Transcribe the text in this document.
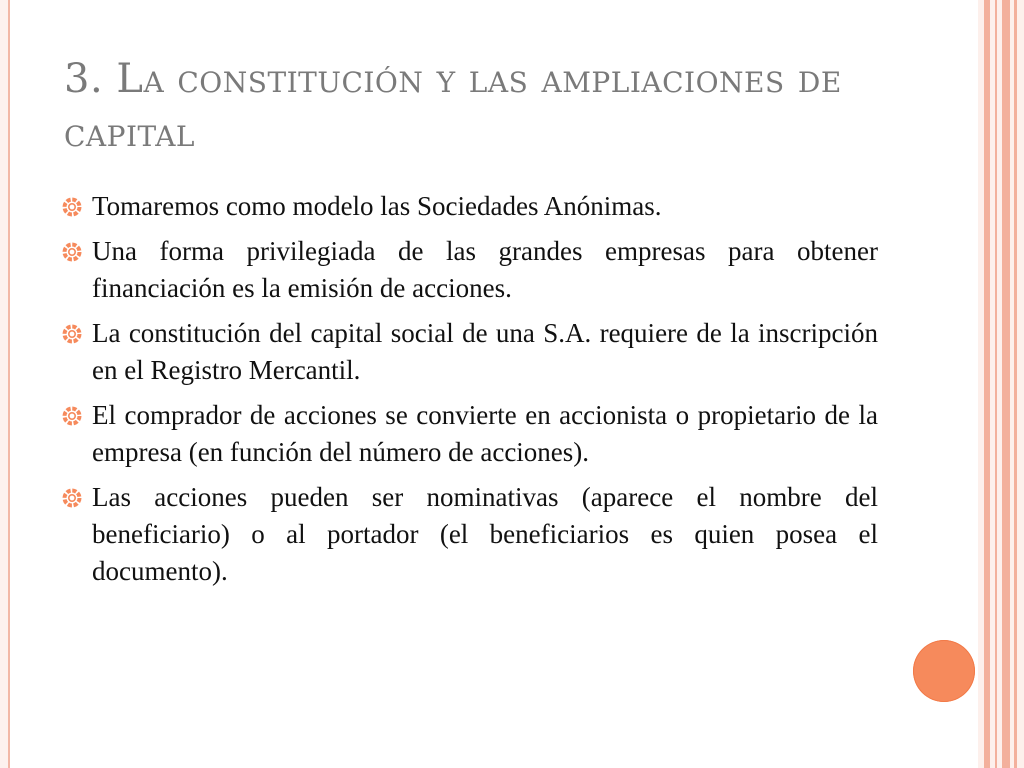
3. La constitución y las ampliaciones de capital
Tomaremos como modelo las Sociedades Anónimas.
Una forma privilegiada de las grandes empresas para obtener financiación es la emisión de acciones.
La constitución del capital social de una S.A. requiere de la inscripción en el Registro Mercantil.
El comprador de acciones se convierte en accionista o propietario de la empresa (en función del número de acciones).
Las acciones pueden ser nominativas (aparece el nombre del beneficiario) o al portador (el beneficiarios es quien posea el documento).
